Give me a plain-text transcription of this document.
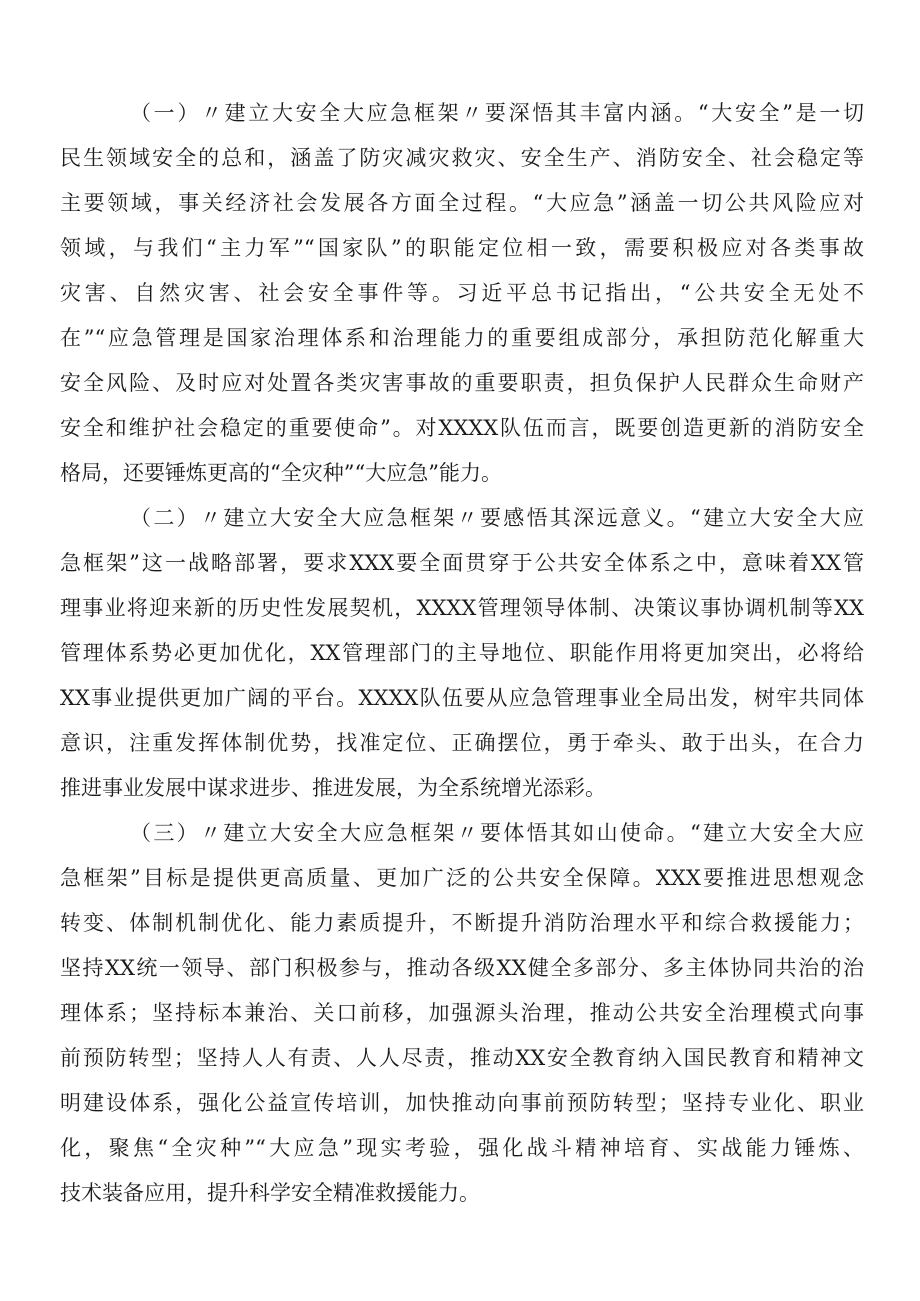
（一）〃建立大安全大应急框架〃要深悟其丰富内涵。“大安全”是一切
民生领域安全的总和，涵盖了防灾减灾救灾、安全生产、消防安全、社会稳定等
主要领域，事关经济社会发展各方面全过程。“大应急”涵盖一切公共风险应对
领域，与我们“主力军”“国家队”的职能定位相一致，需要积极应对各类事故
灾害、自然灾害、社会安全事件等。习近平总书记指出，“公共安全无处不
在”“应急管理是国家治理体系和治理能力的重要组成部分，承担防范化解重大
安全风险、及时应对处置各类灾害事故的重要职责，担负保护人民群众生命财产
安全和维护社会稳定的重要使命”。对XXXX队伍而言，既要创造更新的消防安全
格局，还要锤炼更高的“全灾种”“大应急”能力。
（二）〃建立大安全大应急框架〃要感悟其深远意义。“建立大安全大应
急框架”这一战略部署，要求XXX要全面贯穿于公共安全体系之中，意味着XX管
理事业将迎来新的历史性发展契机，XXXX管理领导体制、决策议事协调机制等XX
管理体系势必更加优化，XX管理部门的主导地位、职能作用将更加突出，必将给
XX事业提供更加广阔的平台。XXXX队伍要从应急管理事业全局出发，树牢共同体
意识，注重发挥体制优势，找准定位、正确摆位，勇于牵头、敢于出头，在合力
推进事业发展中谋求进步、推进发展，为全系统增光添彩。
（三）〃建立大安全大应急框架〃要体悟其如山使命。“建立大安全大应
急框架”目标是提供更高质量、更加广泛的公共安全保障。XXX要推进思想观念
转变、体制机制优化、能力素质提升，不断提升消防治理水平和综合救援能力；
坚持XX统一领导、部门积极参与，推动各级XX健全多部分、多主体协同共治的治
理体系；坚持标本兼治、关口前移，加强源头治理，推动公共安全治理模式向事
前预防转型；坚持人人有责、人人尽责，推动XX安全教育纳入国民教育和精神文
明建设体系，强化公益宣传培训，加快推动向事前预防转型；坚持专业化、职业
化，聚焦“全灾种”“大应急”现实考验，强化战斗精神培育、实战能力锤炼、
技术装备应用，提升科学安全精准救援能力。
